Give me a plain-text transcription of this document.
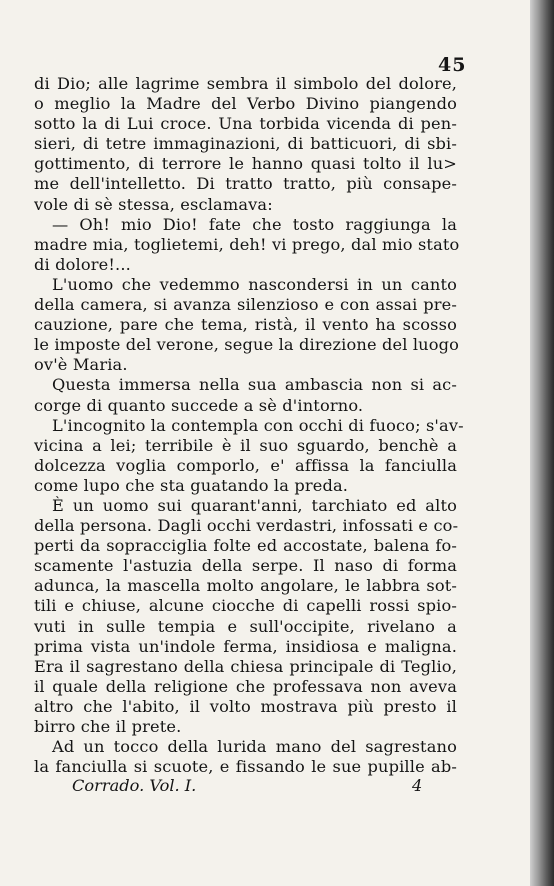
45
di Dio; alle lagrime sembra il simbolo del dolore,
o meglio la Madre del Verbo Divino piangendo
sotto la di Lui croce. Una torbida vicenda di pen-
sieri, di tetre immaginazioni, di batticuori, di sbi-
gottimento, di terrore le hanno quasi tolto il lu>
me dell'intelletto. Di tratto tratto, più consape-
vole di sè stessa, esclamava:
— Oh! mio Dio! fate che tosto raggiunga la
madre mia, toglietemi, deh! vi prego, dal mio stato
di dolore!...
L'uomo che vedemmo nascondersi in un canto
della camera, si avanza silenzioso e con assai pre-
cauzione, pare che tema, ristà, il vento ha scosso
le imposte del verone, segue la direzione del luogo
ov'è Maria.
Questa immersa nella sua ambascia non si ac-
corge di quanto succede a sè d'intorno.
L'incognito la contempla con occhi di fuoco; s'av-
vicina a lei; terribile è il suo sguardo, benchè a
dolcezza voglia comporlo, e' affissa la fanciulla
come lupo che sta guatando la preda.
È un uomo sui quarant'anni, tarchiato ed alto
della persona. Dagli occhi verdastri, infossati e co-
perti da sopracciglia folte ed accostate, balena fo-
scamente l'astuzia della serpe. Il naso di forma
adunca, la mascella molto angolare, le labbra sot-
tili e chiuse, alcune ciocche di capelli rossi spio-
vuti in sulle tempia e sull'occipite, rivelano a
prima vista un'indole ferma, insidiosa e maligna.
Era il sagrestano della chiesa principale di Teglio,
il quale della religione che professava non aveva
altro che l'abito, il volto mostrava più presto il
birro che il prete.
Ad un tocco della lurida mano del sagrestano
la fanciulla si scuote, e fissando le sue pupille ab-
Corrado. Vol. I.	4
